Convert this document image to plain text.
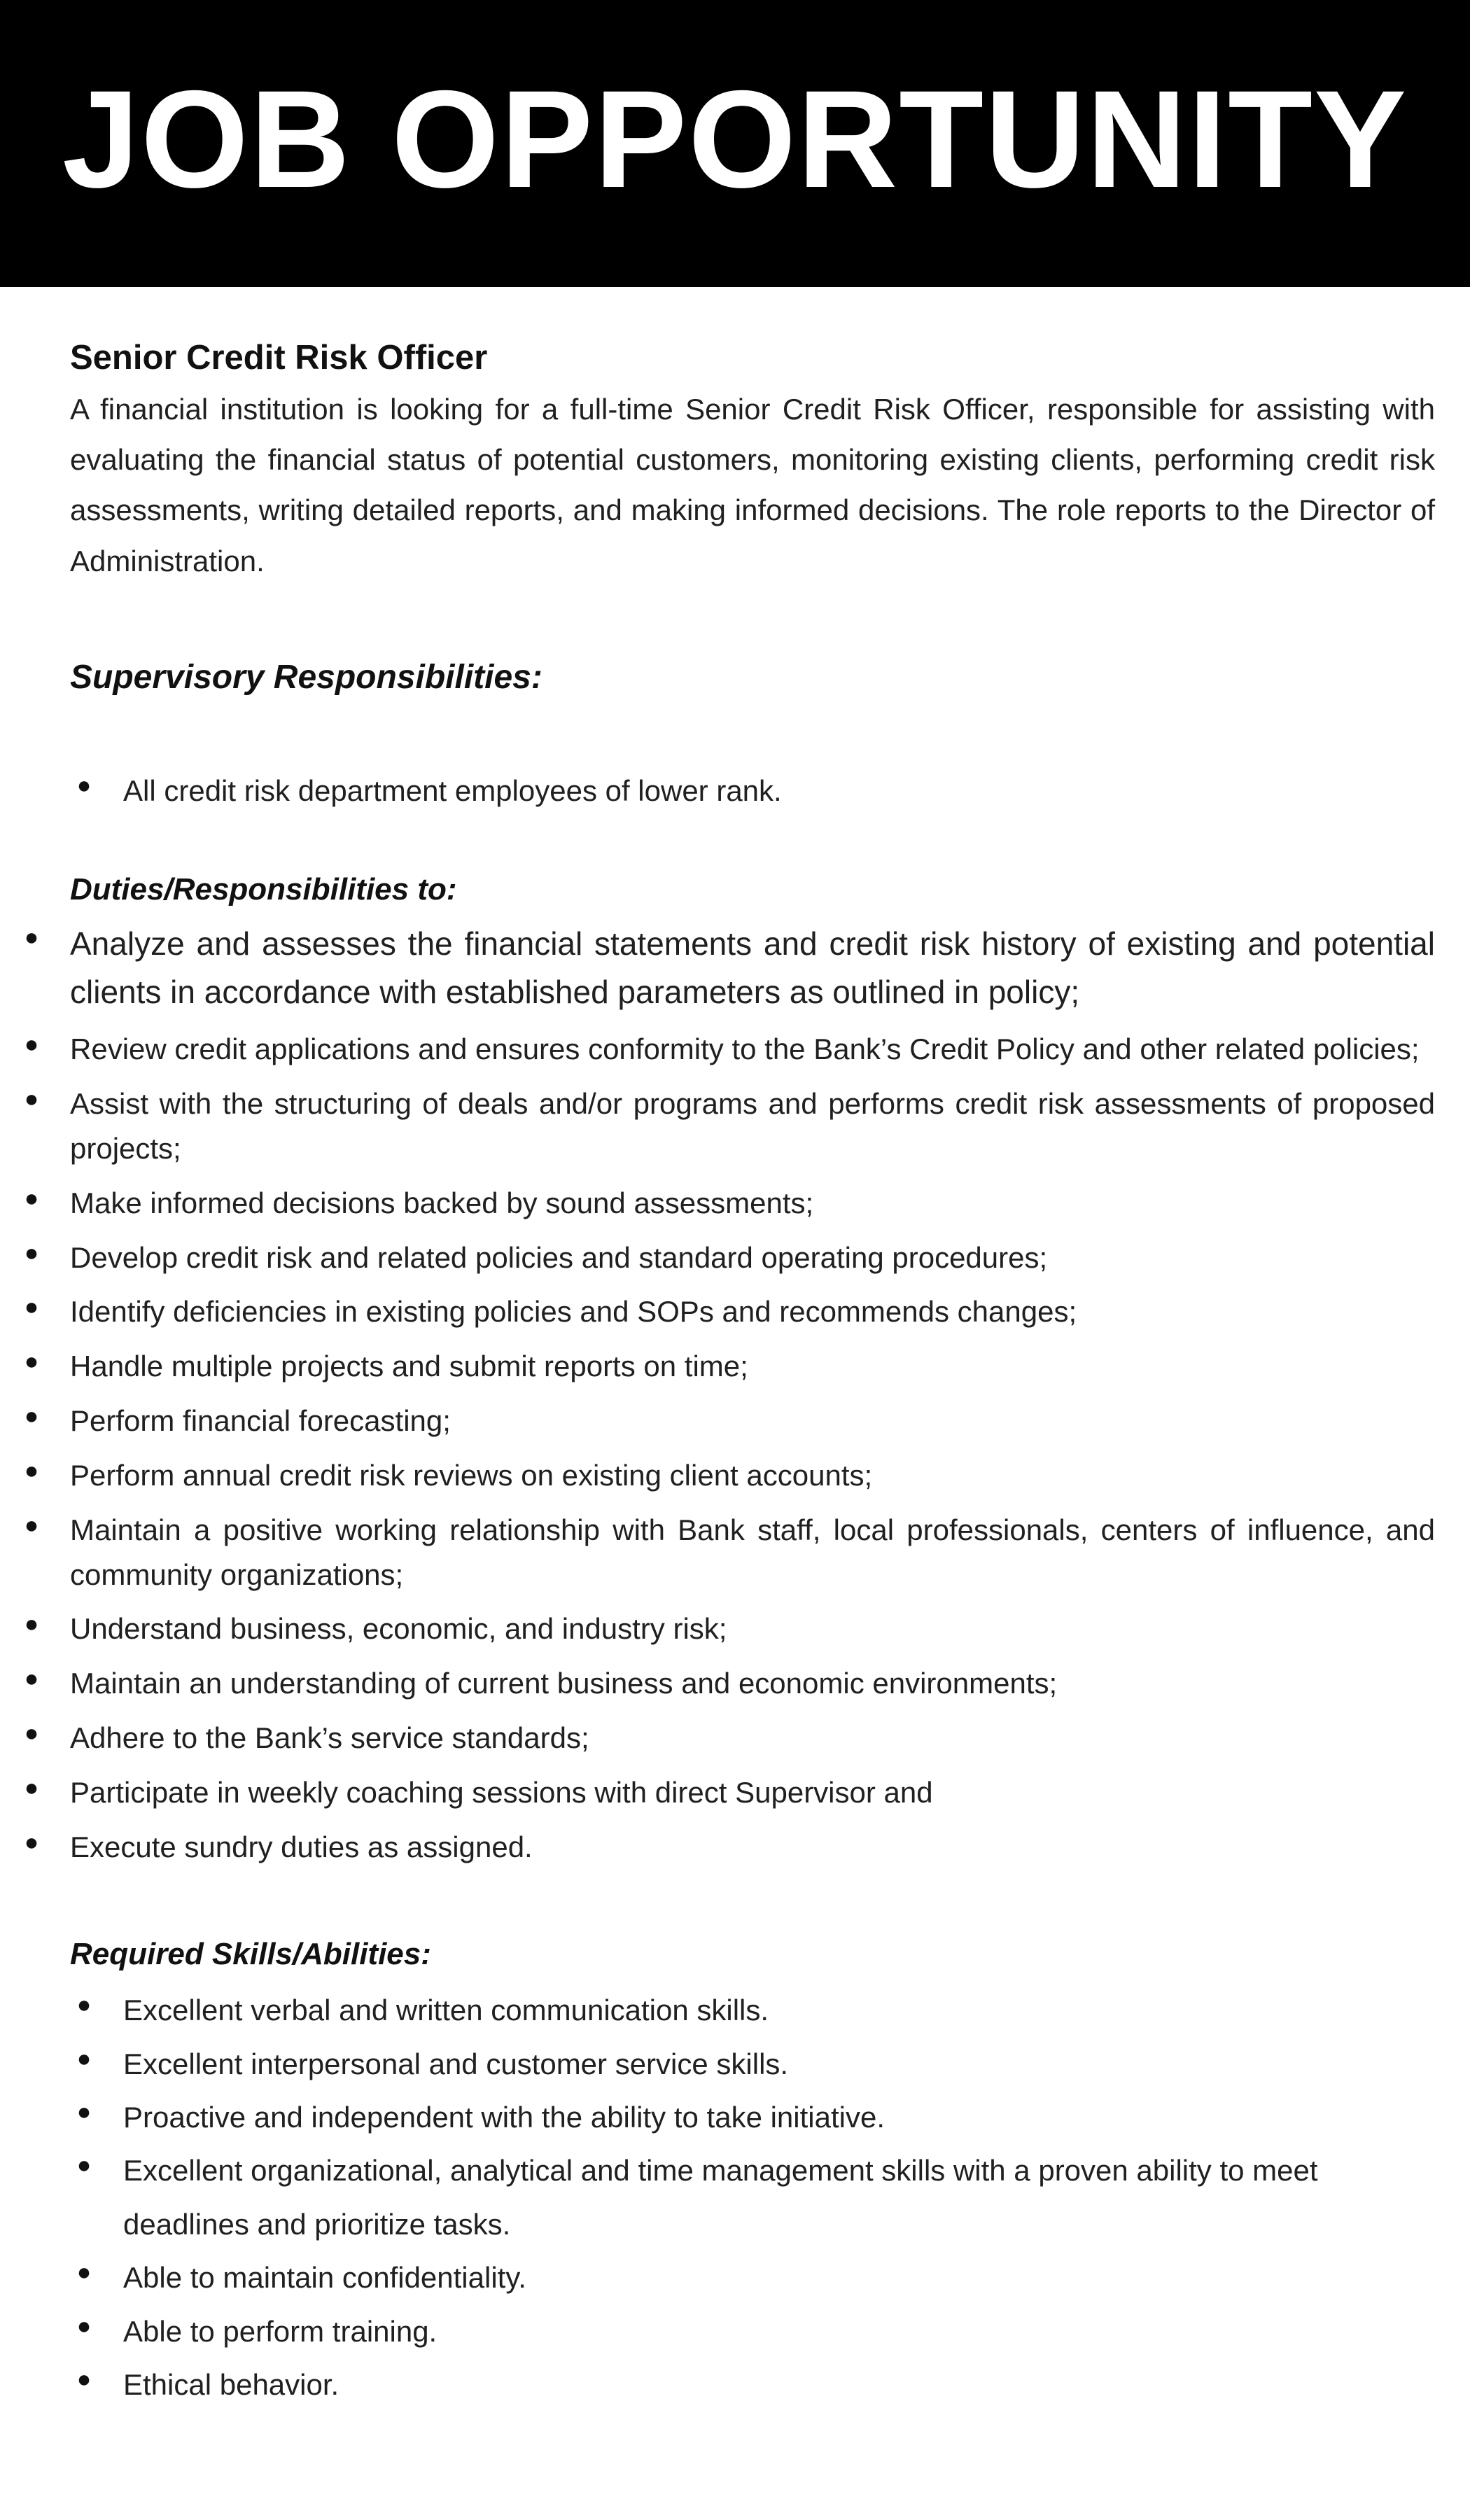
JOB OPPORTUNITY
Senior Credit Risk Officer

A financial institution is looking for a full-time Senior Credit Risk Officer, responsible for assisting with evaluating the financial status of potential customers, monitoring existing clients, performing credit risk assessments, writing detailed reports, and making informed decisions. The role reports to the Director of Administration.

Supervisory Responsibilities:
● All credit risk department employees of lower rank.
Duties/Responsibilities to:
● Analyze and assesses the financial statements and credit risk history of existing and potential clients in accordance with established parameters as outlined in policy;
● Review credit applications and ensures conformity to the Bank’s Credit Policy and other related policies;
● Assist with the structuring of deals and/or programs and performs credit risk assessments of proposed projects;
● Make informed decisions backed by sound assessments;
● Develop credit risk and related policies and standard operating procedures;
● Identify deficiencies in existing policies and SOPs and recommends changes;
● Handle multiple projects and submit reports on time;
● Perform financial forecasting;
● Perform annual credit risk reviews on existing client accounts;
● Maintain a positive working relationship with Bank staff, local professionals, centers of influence, and community organizations;
● Understand business, economic, and industry risk;
● Maintain an understanding of current business and economic environments;
● Adhere to the Bank’s service standards;
● Participate in weekly coaching sessions with direct Supervisor and
● Execute sundry duties as assigned.
Required Skills/Abilities:
● Excellent verbal and written communication skills.
● Excellent interpersonal and customer service skills.
● Proactive and independent with the ability to take initiative.
● Excellent organizational, analytical and time management skills with a proven ability to meet deadlines and prioritize tasks.
● Able to maintain confidentiality.
● Able to perform training.
● Ethical behavior.
